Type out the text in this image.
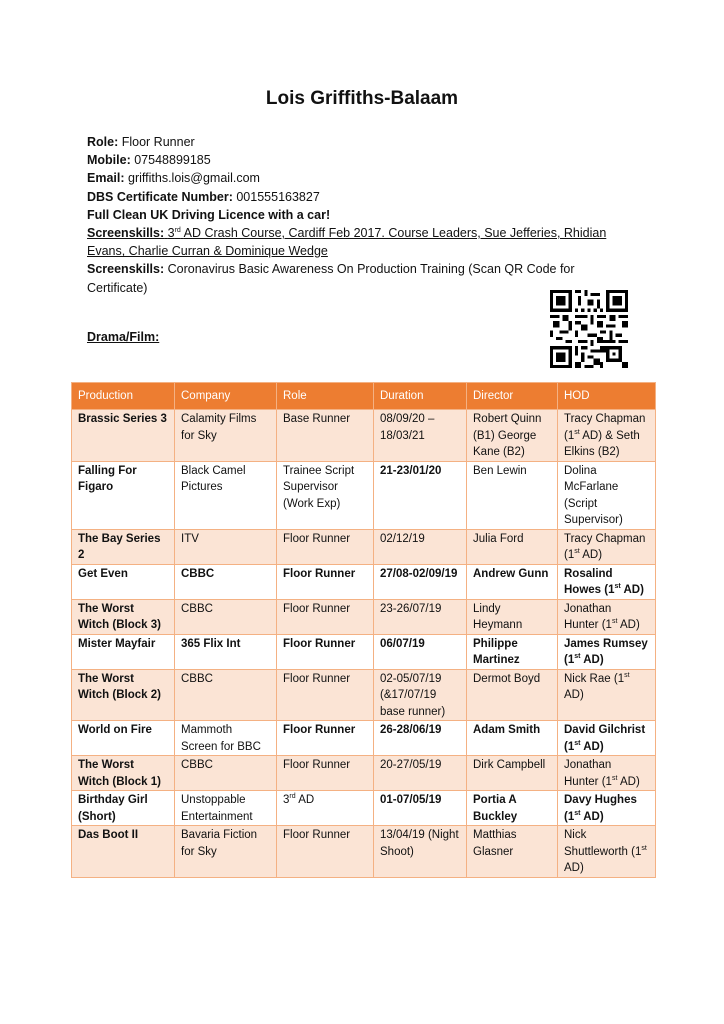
Lois Griffiths-Balaam

Role: Floor Runner

Mobile: 07548899185

Email: griffiths.lois@gmail.com

DBS Certificate Number: 001555163827

Full Clean UK Driving Licence with a car!

Screenskills: 3rd AD Crash Course, Cardiff Feb 2017. Course Leaders, Sue Jefferies, Rhidian Evans, Charlie Curran & Dominique Wedge

Screenskills: Coronavirus Basic Awareness On Production Training (Scan QR Code for Certificate)

Drama/Film:
Production	Company	Role	Duration	Director	HOD
Brassic Series 3	Calamity Films for Sky	Base Runner	08/09/20 – 18/03/21	Robert Quinn (B1) George Kane (B2)	Tracy Chapman (1st AD) & Seth Elkins (B2)
Falling For Figaro	Black Camel Pictures	Trainee Script Supervisor (Work Exp)	21-23/01/20	Ben Lewin	Dolina McFarlane (Script Supervisor)
The Bay Series 2	ITV	Floor Runner	02/12/19	Julia Ford	Tracy Chapman (1st AD)
Get Even	CBBC	Floor Runner	27/08-02/09/19	Andrew Gunn	Rosalind Howes (1st AD)
The Worst Witch (Block 3)	CBBC	Floor Runner	23-26/07/19	Lindy Heymann	Jonathan Hunter (1st AD)
Mister Mayfair	365 Flix Int	Floor Runner	06/07/19	Philippe Martinez	James Rumsey (1st AD)
The Worst Witch (Block 2)	CBBC	Floor Runner	02-05/07/19 (&17/07/19 base runner)	Dermot Boyd	Nick Rae (1st AD)
World on Fire	Mammoth Screen for BBC	Floor Runner	26-28/06/19	Adam Smith	David Gilchrist (1st AD)
The Worst Witch (Block 1)	CBBC	Floor Runner	20-27/05/19	Dirk Campbell	Jonathan Hunter (1st AD)
Birthday Girl (Short)	Unstoppable Entertainment	3rd AD	01-07/05/19	Portia A Buckley	Davy Hughes (1st AD)
Das Boot II	Bavaria Fiction for Sky	Floor Runner	13/04/19 (Night Shoot)	Matthias Glasner	Nick Shuttleworth (1st AD)
